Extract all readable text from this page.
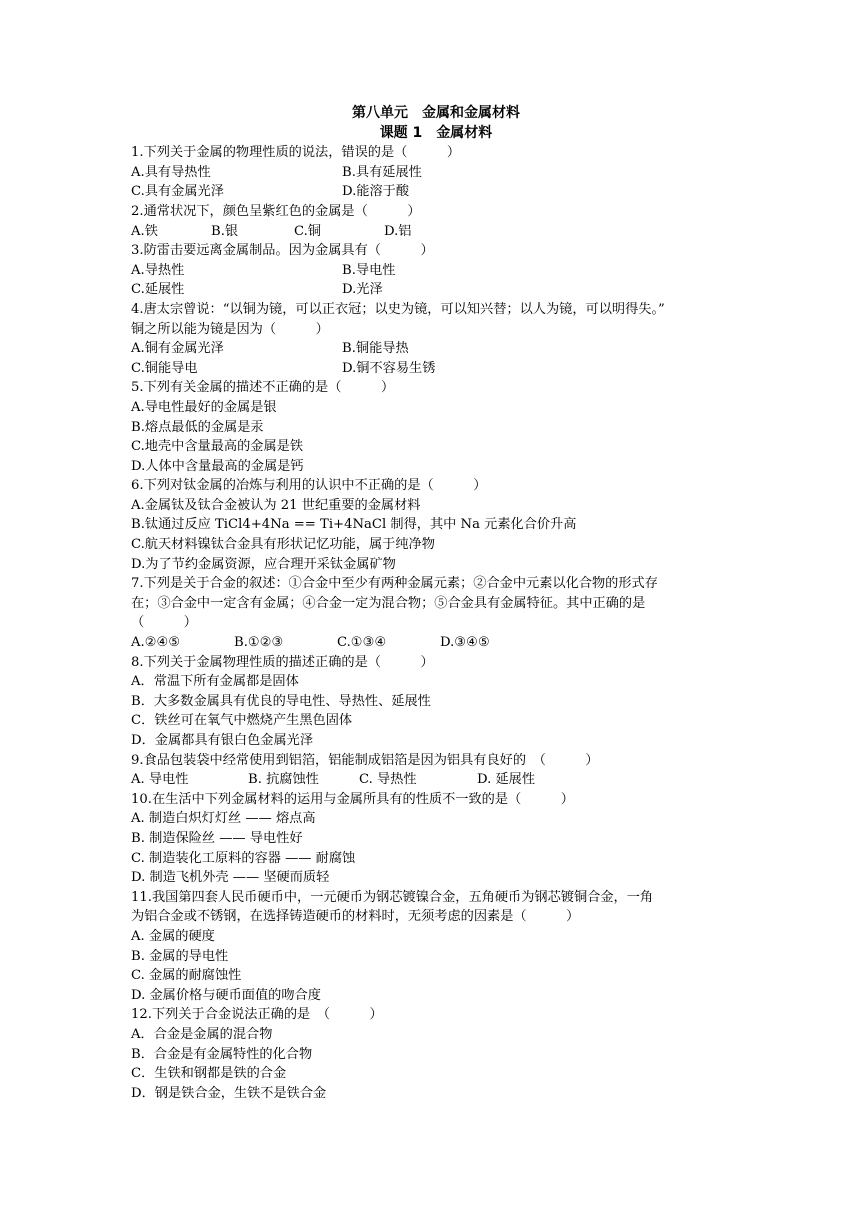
第八单元　金属和金属材料
课题 1　金属材料
1.下列关于金属的物理性质的说法，错误的是（　　　）
A.具有导热性	B.具有延展性
C.具有金属光泽	D.能溶于酸
2.通常状况下，颜色呈紫红色的金属是（　　　）
A.铁	B.银	C.铜	D.铝
3.防雷击要远离金属制品。因为金属具有（　　　）
A.导热性	B.导电性
C.延展性	D.光泽
4.唐太宗曾说：“以铜为镜，可以正衣冠；以史为镜，可以知兴替；以人为镜，可以明得失。”
铜之所以能为镜是因为（　　　）
A.铜有金属光泽	B.铜能导热
C.铜能导电	D.铜不容易生锈
5.下列有关金属的描述不正确的是（　　　）
A.导电性最好的金属是银
B.熔点最低的金属是汞
C.地壳中含量最高的金属是铁
D.人体中含量最高的金属是钙
6.下列对钛金属的冶炼与利用的认识中不正确的是（　　　）
A.金属钛及钛合金被认为 21 世纪重要的金属材料
B.钛通过反应 TiCl4+4Na == Ti+4NaCl 制得，其中 Na 元素化合价升高
C.航天材料镍钛合金具有形状记忆功能，属于纯净物
D.为了节约金属资源，应合理开采钛金属矿物
7.下列是关于合金的叙述：①合金中至少有两种金属元素；②合金中元素以化合物的形式存
在；③合金中一定含有金属；④合金一定为混合物；⑤合金具有金属特征。其中正确的是
（　　　）
A.②④⑤	B.①②③	C.①③④	D.③④⑤
8.下列关于金属物理性质的描述正确的是（　　　）
A．常温下所有金属都是固体
B．大多数金属具有优良的导电性、导热性、延展性
C．铁丝可在氧气中燃烧产生黑色固体
D．金属都具有银白色金属光泽
9.食品包装袋中经常使用到铝箔，铝能制成铝箔是因为铝具有良好的　（　　　）
A. 导电性	B. 抗腐蚀性	C. 导热性	D. 延展性
10.在生活中下列金属材料的运用与金属所具有的性质不一致的是（　　　）
A. 制造白炽灯灯丝 —— 熔点高
B. 制造保险丝 —— 导电性好
C. 制造装化工原料的容器 —— 耐腐蚀
D. 制造飞机外壳 —— 坚硬而质轻
11.我国第四套人民币硬币中，一元硬币为钢芯镀镍合金，五角硬币为钢芯镀铜合金，一角
为铝合金或不锈钢，在选择铸造硬币的材料时，无须考虑的因素是（　　　）
A. 金属的硬度
B. 金属的导电性
C. 金属的耐腐蚀性
D. 金属价格与硬币面值的吻合度
12.下列关于合金说法正确的是　（　　　）
A．合金是金属的混合物
B．合金是有金属特性的化合物
C．生铁和钢都是铁的合金
D．钢是铁合金，生铁不是铁合金
